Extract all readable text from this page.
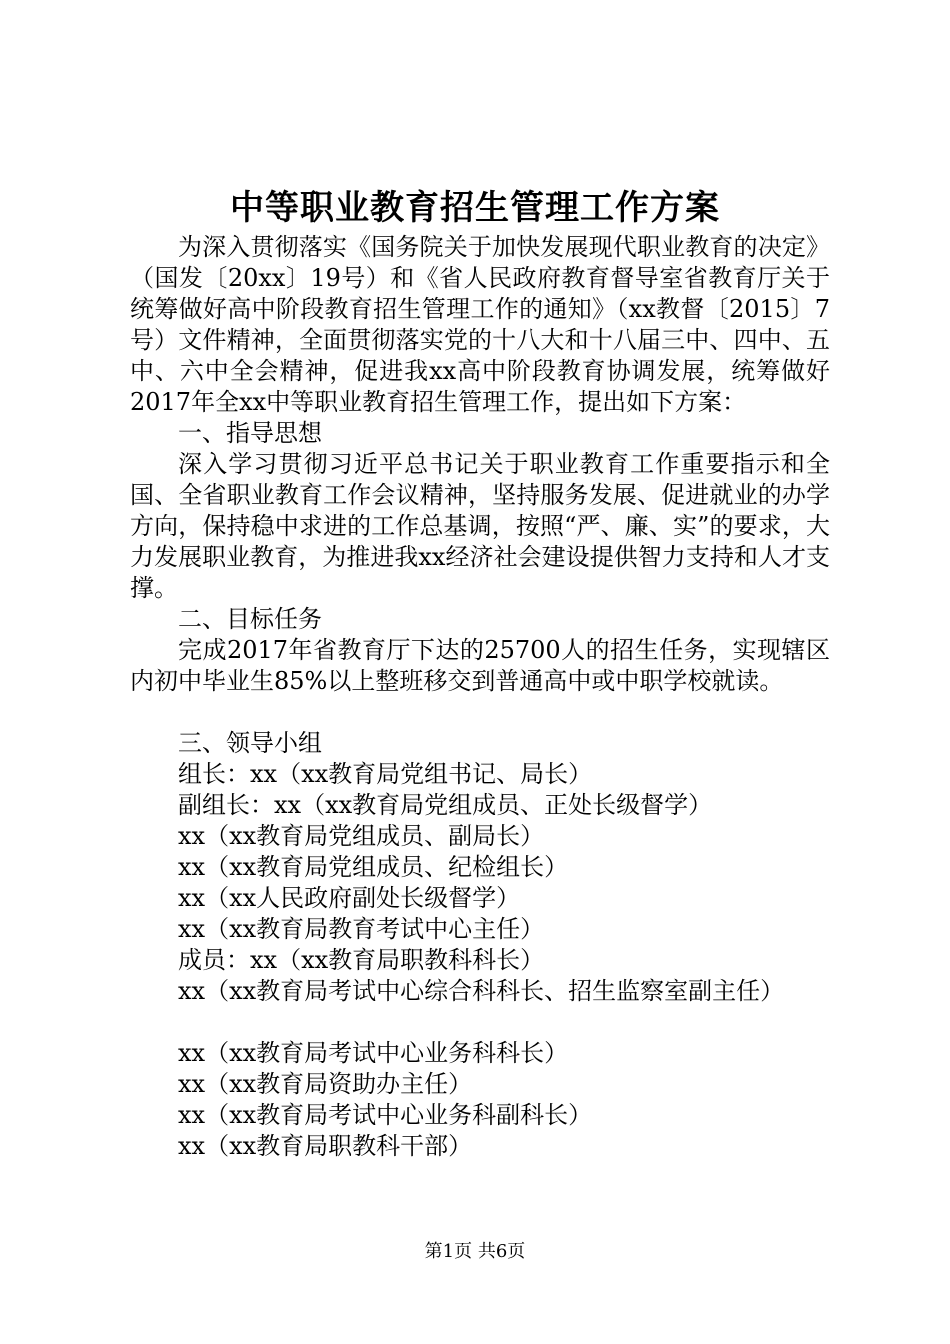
中等职业教育招生管理工作方案

为深入贯彻落实《国务院关于加快发展现代职业教育的决定》（国发〔20xx〕19号）和《省人民政府教育督导室省教育厅关于统筹做好高中阶段教育招生管理工作的通知》（xx教督〔2015〕7号）文件精神，全面贯彻落实党的十八大和十八届三中、四中、五中、六中全会精神，促进我xx高中阶段教育协调发展，统筹做好2017年全xx中等职业教育招生管理工作，提出如下方案：

一、指导思想

深入学习贯彻习近平总书记关于职业教育工作重要指示和全国、全省职业教育工作会议精神，坚持服务发展、促进就业的办学方向，保持稳中求进的工作总基调，按照“严、廉、实”的要求，大力发展职业教育，为推进我xx经济社会建设提供智力支持和人才支撑。

二、目标任务

完成2017年省教育厅下达的25700人的招生任务，实现辖区内初中毕业生85%以上整班移交到普通高中或中职学校就读。

三、领导小组

组长：xx（xx教育局党组书记、局长）
副组长：xx（xx教育局党组成员、正处长级督学）
xx（xx教育局党组成员、副局长）
xx（xx教育局党组成员、纪检组长）
xx（xx人民政府副处长级督学）
xx（xx教育局教育考试中心主任）
成员：xx（xx教育局职教科科长）
xx（xx教育局考试中心综合科科长、招生监察室副主任）
xx（xx教育局考试中心业务科科长）
xx（xx教育局资助办主任）
xx（xx教育局考试中心业务科副科长）
xx（xx教育局职教科干部）
第1页 共6页
